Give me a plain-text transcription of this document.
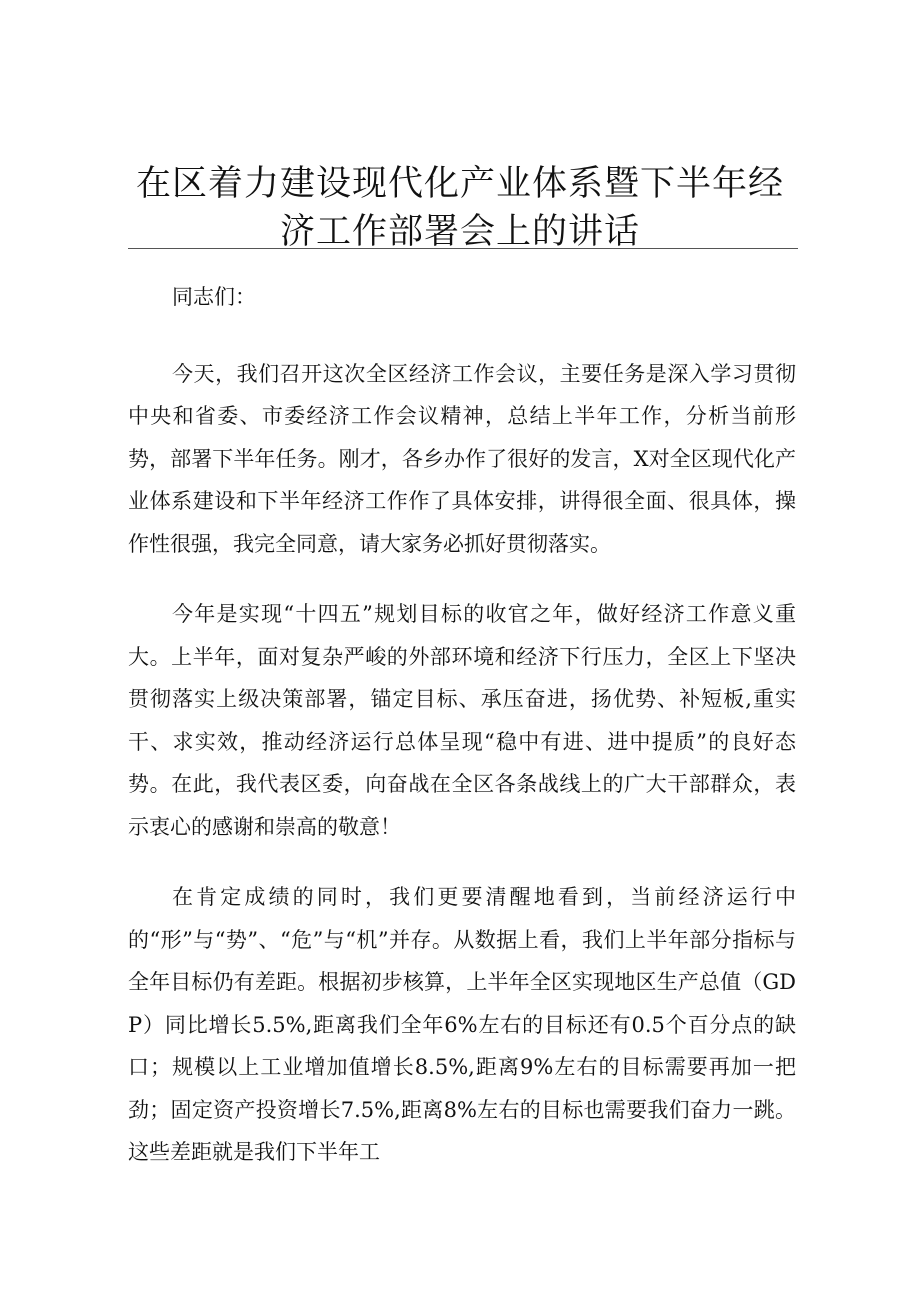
在区着力建设现代化产业体系暨下半年经济工作部署会上的讲话

同志们：

今天，我们召开这次全区经济工作会议，主要任务是深入学习贯彻中央和省委、市委经济工作会议精神，总结上半年工作，分析当前形势，部署下半年任务。刚才，各乡办作了很好的发言，X对全区现代化产业体系建设和下半年经济工作作了具体安排，讲得很全面、很具体，操作性很强，我完全同意，请大家务必抓好贯彻落实。

今年是实现“十四五”规划目标的收官之年，做好经济工作意义重大。上半年，面对复杂严峻的外部环境和经济下行压力，全区上下坚决贯彻落实上级决策部署，锚定目标、承压奋进，扬优势、补短板,重实干、求实效，推动经济运行总体呈现“稳中有进、进中提质”的良好态势。在此，我代表区委，向奋战在全区各条战线上的广大干部群众，表示衷心的感谢和崇高的敬意！

在肯定成绩的同时，我们更要清醒地看到，当前经济运行中的“形”与“势”、“危”与“机”并存。从数据上看，我们上半年部分指标与全年目标仍有差距。根据初步核算，上半年全区实现地区生产总值（GDP）同比增长5.5%,距离我们全年6%左右的目标还有0.5个百分点的缺口；规模以上工业增加值增长8.5%,距离9%左右的目标需要再加一把劲；固定资产投资增长7.5%,距离8%左右的目标也需要我们奋力一跳。这些差距就是我们下半年工
